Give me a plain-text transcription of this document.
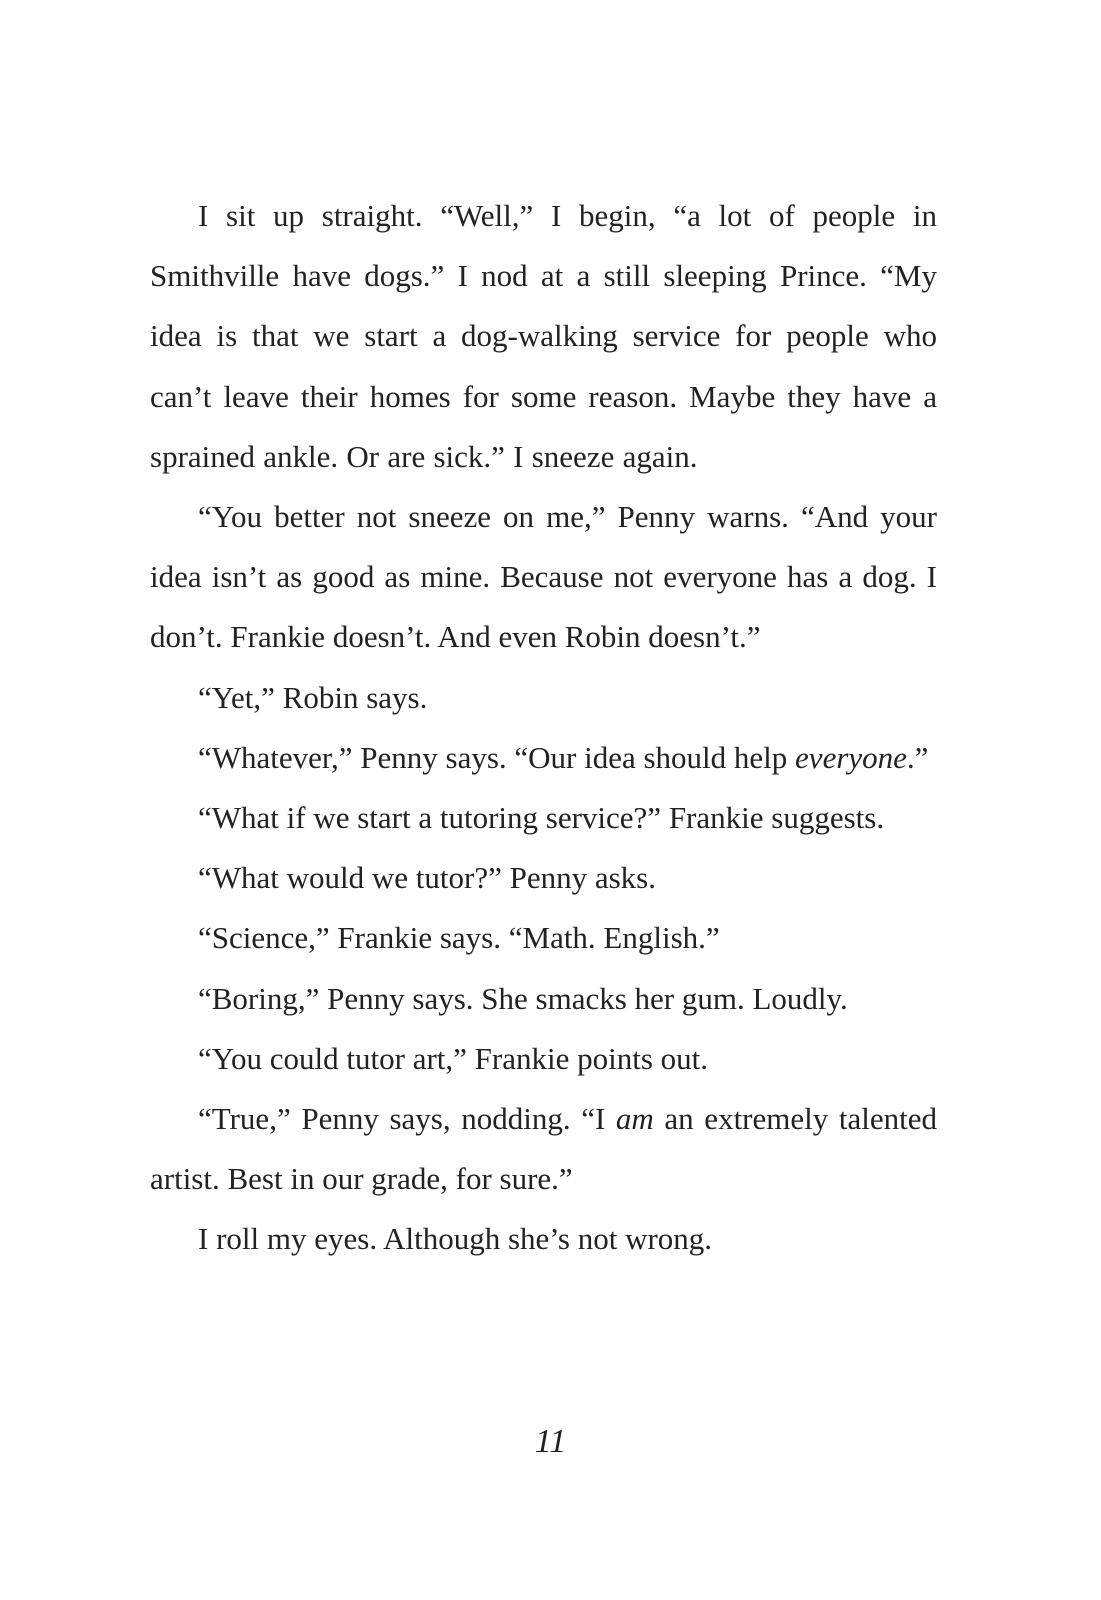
I sit up straight. “Well,” I begin, “a lot of people in Smithville have dogs.” I nod at a still sleeping Prince. “My idea is that we start a dog-walking service for people who can’t leave their homes for some reason. Maybe they have a sprained ankle. Or are sick.” I sneeze again.

“You better not sneeze on me,” Penny warns. “And your idea isn’t as good as mine. Because not everyone has a dog. I don’t. Frankie doesn’t. And even Robin doesn’t.”

“Yet,” Robin says.

“Whatever,” Penny says. “Our idea should help everyone.”

“What if we start a tutoring service?” Frankie suggests.

“What would we tutor?” Penny asks.

“Science,” Frankie says. “Math. English.”

“Boring,” Penny says. She smacks her gum. Loudly.

“You could tutor art,” Frankie points out.

“True,” Penny says, nodding. “I am an extremely talented artist. Best in our grade, for sure.”

I roll my eyes. Although she’s not wrong.

11
